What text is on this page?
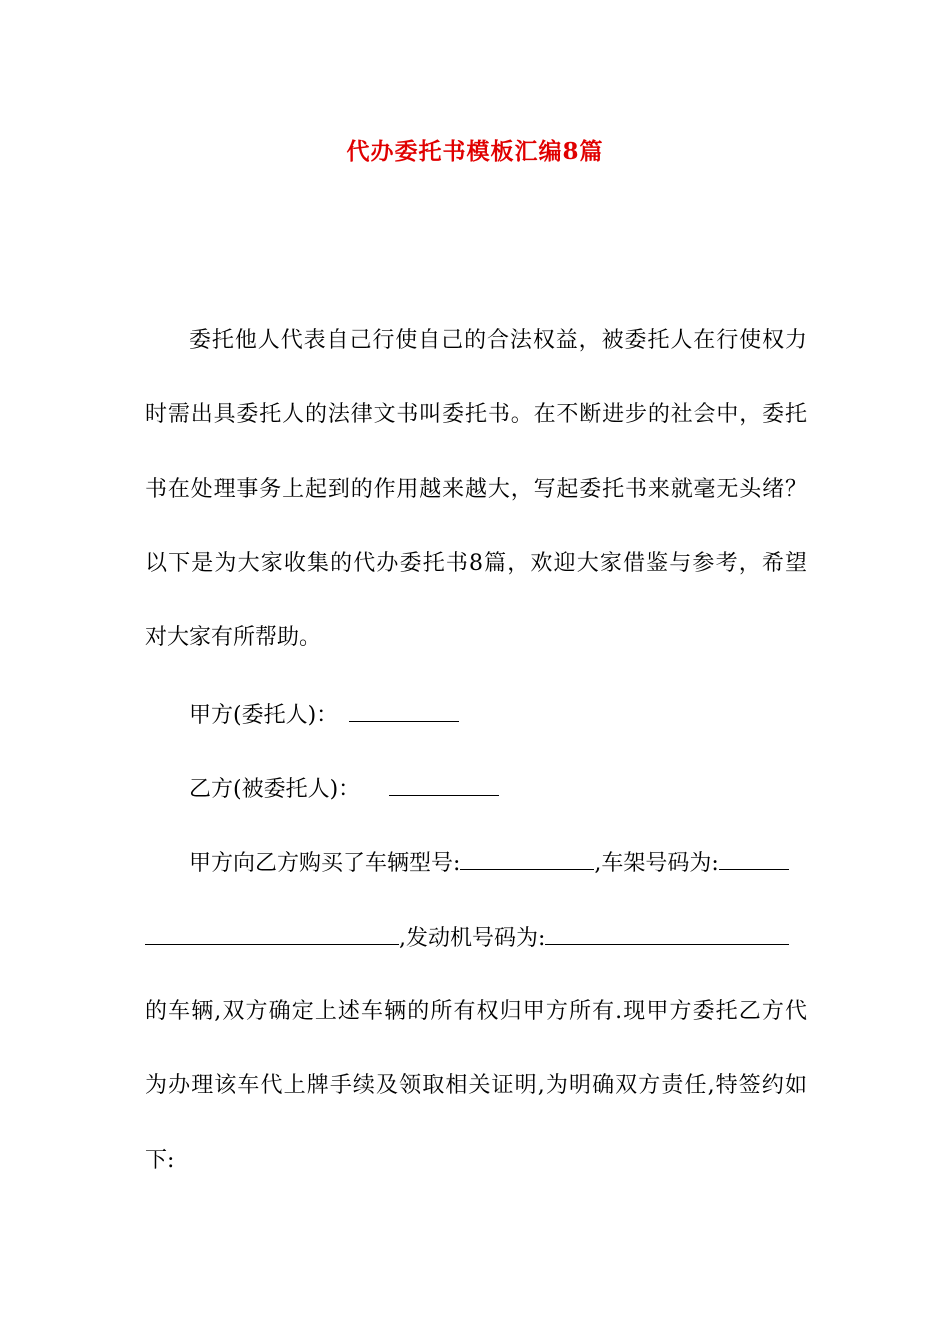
代办委托书模板汇编8篇
委托他人代表自己行使自己的合法权益，被委托人在行使权力
时需出具委托人的法律文书叫委托书。在不断进步的社会中，委托
书在处理事务上起到的作用越来越大，写起委托书来就毫无头绪？
以下是为大家收集的代办委托书8篇，欢迎大家借鉴与参考，希望
对大家有所帮助。
甲方(委托人)：
乙方(被委托人)：
甲方向乙方购买了车辆型号:	,车架号码为:
,发动机号码为:
的车辆,双方确定上述车辆的所有权归甲方所有.现甲方委托乙方代
为办理该车代上牌手续及领取相关证明,为明确双方责任,特签约如
下:
